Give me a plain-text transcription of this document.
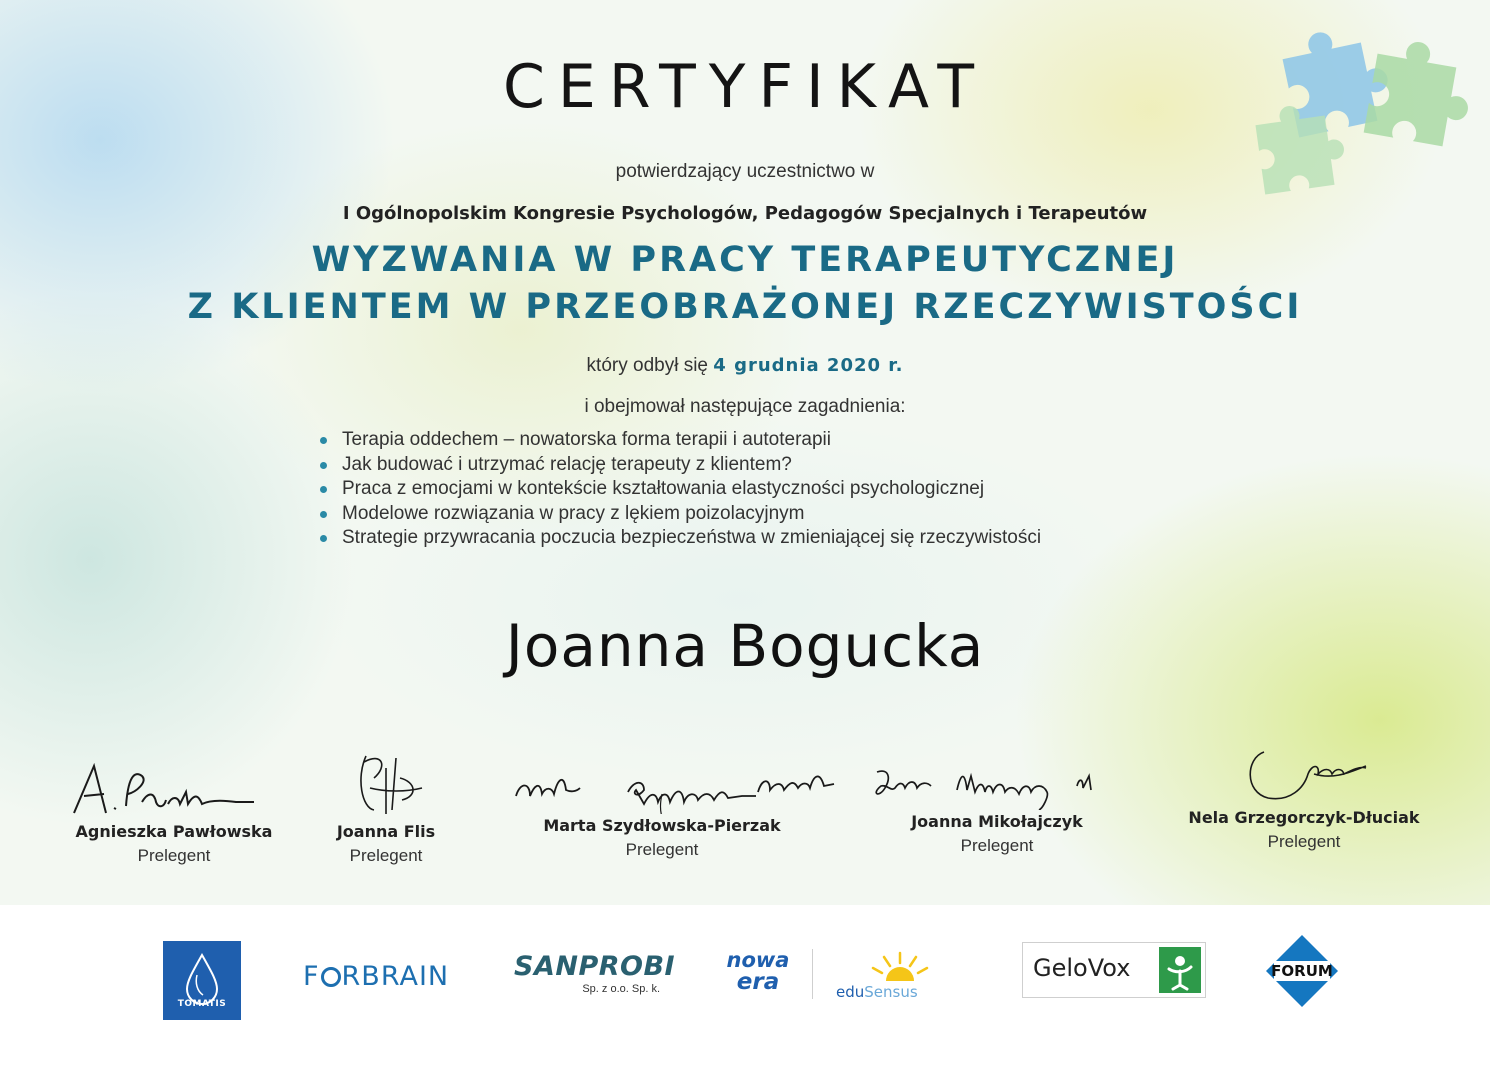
CERTYFIKAT

potwierdzający uczestnictwo w

I Ogólnopolskim Kongresie Psychologów, Pedagogów Specjalnych i Terapeutów

WYZWANIA W PRACY TERAPEUTYCZNEJ

Z KLIENTEM W PRZEOBRAŻONEJ RZECZYWISTOŚCI

który odbył się 4 grudnia 2020 r.

i obejmował następujące zagadnienia:

Terapia oddechem – nowatorska forma terapii i autoterapii
Jak budować i utrzymać relację terapeuty z klientem?
Praca z emocjami w kontekście kształtowania elastyczności psychologicznej
Modelowe rozwiązania w pracy z lękiem poizolacyjnym
Strategie przywracania poczucia bezpieczeństwa w zmieniającej się rzeczywistości

Joanna Bogucka

Agnieszka Pawłowska
Prelegent
Joanna Flis
Prelegent
Marta Szydłowska-Pierzak
Prelegent
Joanna Mikołajczyk
Prelegent
Nela Grzegorczyk-Dłuciak
Prelegent
TOMATIS
F RBRAIN SANPROBI
Sp. z o.o. Sp. k.
nowa
era	eduSensus
GeloVox	FORUM
